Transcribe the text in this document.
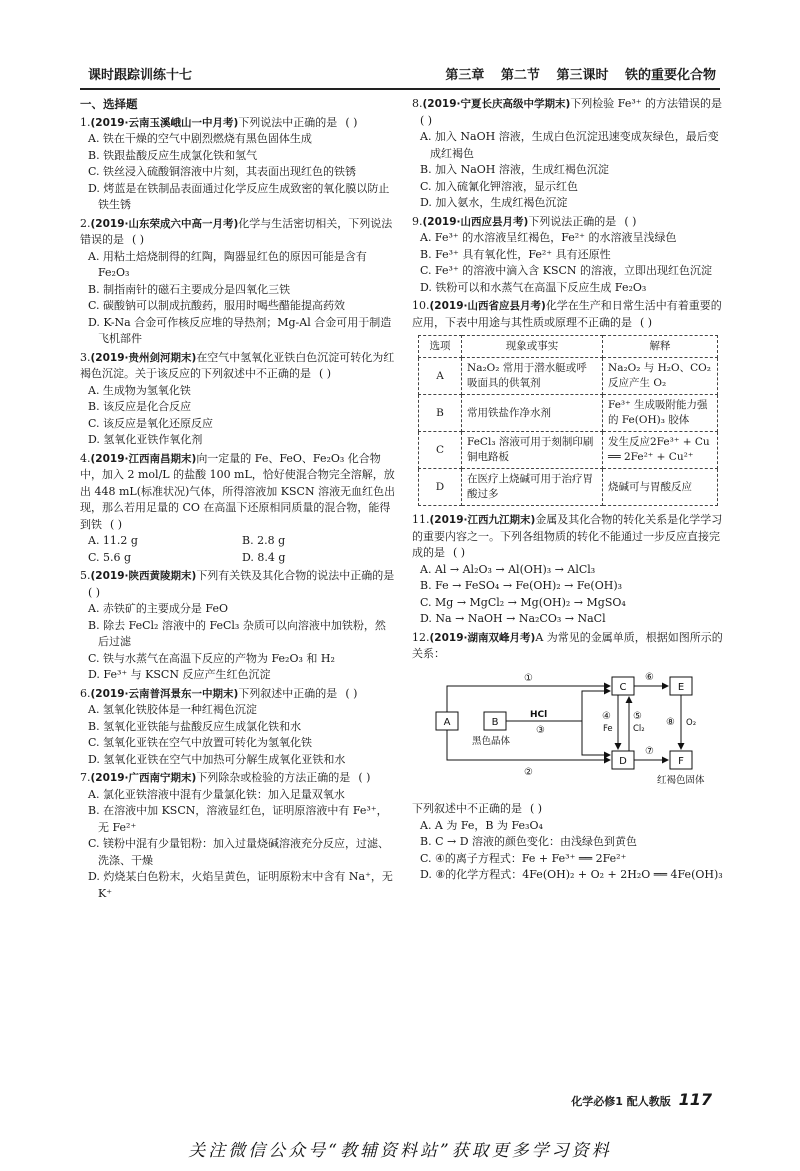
课时跟踪训练十七	第三章 第二节 第三课时 铁的重要化合物
一、选择题
1.(2019·云南玉溪峨山一中月考)下列说法中正确的是 ( )
A. 铁在干燥的空气中剧烈燃烧有黑色固体生成
B. 铁跟盐酸反应生成氯化铁和氢气
C. 铁丝浸入硫酸铜溶液中片刻，其表面出现红色的铁锈
D. 烤蓝是在铁制品表面通过化学反应生成致密的氧化膜以防止铁生锈
2.(2019·山东荣成六中高一月考)化学与生活密切相关，下列说法错误的是 ( )
A. 用粘土焙烧制得的红陶，陶器显红色的原因可能是含有 Fe₂O₃
B. 制指南针的磁石主要成分是四氧化三铁
C. 碳酸钠可以制成抗酸药，服用时喝些醋能提高药效
D. K-Na 合金可作核反应堆的导热剂；Mg-Al 合金可用于制造飞机部件
3.(2019·贵州剑河期末)在空气中氢氧化亚铁白色沉淀可转化为红褐色沉淀。关于该反应的下列叙述中不正确的是 ( )
A. 生成物为氢氧化铁
B. 该反应是化合反应
C. 该反应是氧化还原反应
D. 氢氧化亚铁作氧化剂
4.(2019·江西南昌期末)向一定量的 Fe、FeO、Fe₂O₃ 化合物中，加入 2 mol/L 的盐酸 100 mL，恰好使混合物完全溶解，放出 448 mL(标准状况)气体，所得溶液加 KSCN 溶液无血红色出现，那么若用足量的 CO 在高温下还原相同质量的混合物，能得到铁 ( )
A. 11.2 g	B. 2.8 g
C. 5.6 g	D. 8.4 g
5.(2019·陕西黄陵期末)下列有关铁及其化合物的说法中正确的是( )
A. 赤铁矿的主要成分是 FeO
B. 除去 FeCl₂ 溶液中的 FeCl₃ 杂质可以向溶液中加铁粉，然后过滤
C. 铁与水蒸气在高温下反应的产物为 Fe₂O₃ 和 H₂
D. Fe³⁺ 与 KSCN 反应产生红色沉淀
6.(2019·云南普洱景东一中期末)下列叙述中正确的是 ( )
A. 氢氧化铁胶体是一种红褐色沉淀
B. 氢氧化亚铁能与盐酸反应生成氯化铁和水
C. 氢氧化亚铁在空气中放置可转化为氢氧化铁
D. 氢氧化亚铁在空气中加热可分解生成氧化亚铁和水
7.(2019·广西南宁期末)下列除杂或检验的方法正确的是 ( )
A. 氯化亚铁溶液中混有少量氯化铁：加入足量双氧水
B. 在溶液中加 KSCN，溶液显红色，证明原溶液中有 Fe³⁺，无 Fe²⁺
C. 镁粉中混有少量铝粉：加入过量烧碱溶液充分反应，过滤、洗涤、干燥
D. 灼烧某白色粉末，火焰呈黄色，证明原粉末中含有 Na⁺，无 K⁺
8.(2019·宁夏长庆高级中学期末)下列检验 Fe³⁺ 的方法错误的是( )
A. 加入 NaOH 溶液，生成白色沉淀迅速变成灰绿色，最后变成红褐色
B. 加入 NaOH 溶液，生成红褐色沉淀
C. 加入硫氰化钾溶液，显示红色
D. 加入氨水，生成红褐色沉淀
9.(2019·山西应县月考)下列说法正确的是 ( )
A. Fe³⁺ 的水溶液呈红褐色，Fe²⁺ 的水溶液呈浅绿色
B. Fe³⁺ 具有氧化性，Fe²⁺ 具有还原性
C. Fe³⁺ 的溶液中滴入含 KSCN 的溶液，立即出现红色沉淀
D. 铁粉可以和水蒸气在高温下反应生成 Fe₂O₃
10.(2019·山西省应县月考)化学在生产和日常生活中有着重要的应用，下表中用途与其性质或原理不正确的是 ( )
选项	现象或事实	解释
A	Na₂O₂ 常用于潜水艇或呼吸面具的供氧剂	Na₂O₂ 与 H₂O、CO₂ 反应产生 O₂
B	常用铁盐作净水剂	Fe³⁺ 生成吸附能力强的 Fe(OH)₃ 胶体
C	FeCl₃ 溶液可用于刻制印刷铜电路板	发生反应2Fe³⁺ + Cu ══ 2Fe²⁺ + Cu²⁺
D	在医疗上烧碱可用于治疗胃酸过多	烧碱可与胃酸反应
11.(2019·江西九江期末)金属及其化合物的转化关系是化学学习的重要内容之一。下列各组物质的转化不能通过一步反应直接完成的是 ( )
A. Al → Al₂O₃ → Al(OH)₃ → AlCl₃
B. Fe → FeSO₄ → Fe(OH)₂ → Fe(OH)₃
C. Mg → MgCl₂ → Mg(OH)₂ → MgSO₄
D. Na → NaOH → Na₂CO₃ → NaCl
12.(2019·湖南双峰月考)A 为常见的金属单质，根据如图所示的关系：
A	B
黑色晶体
C
D
E
F
红褐色固体
①
②
HCl
③
④
Fe
⑤
Cl₂
⑥
⑦
⑧ O₂
下列叙述中不正确的是 ( )
A. A 为 Fe，B 为 Fe₃O₄
B. C → D 溶液的颜色变化：由浅绿色到黄色
C. ④的离子方程式：Fe + Fe³⁺ ══ 2Fe²⁺
D. ⑧的化学方程式：4Fe(OH)₂ + O₂ + 2H₂O ══ 4Fe(OH)₃
化学必修1 配人教版 117
关注微信公众号“教辅资料站”获取更多学习资料
